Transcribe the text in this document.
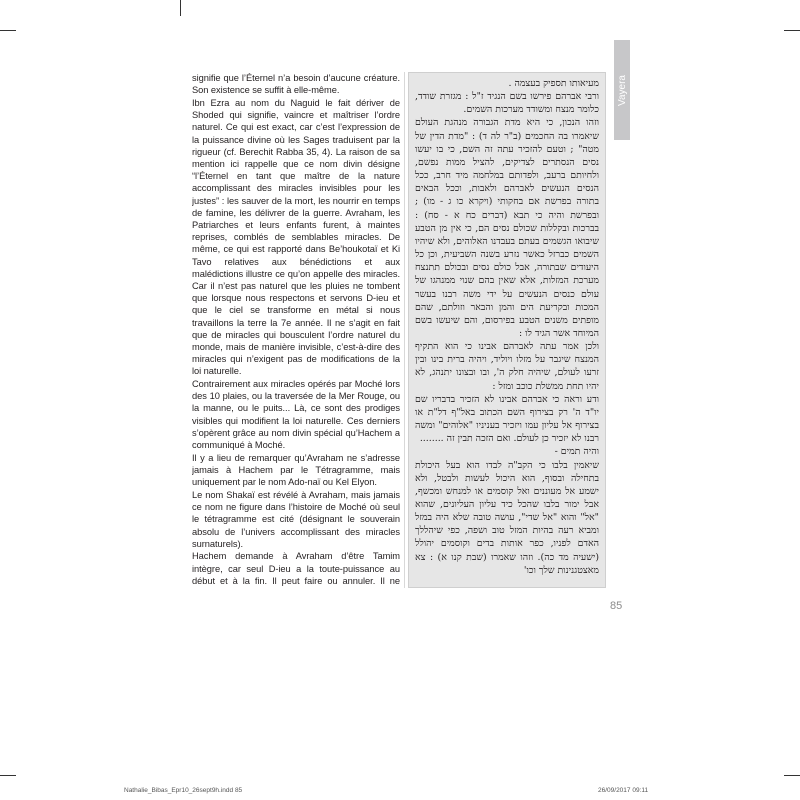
Vayera

signifie que l’Éternel n’a besoin d’aucune créature. Son existence se suffit à elle-même.

Ibn Ezra au nom du Naguid le fait dériver de Shoded qui signifie, vaincre et maîtriser l’ordre naturel. Ce qui est exact, car c’est l’expression de la puissance divine où les Sages traduisent par la rigueur (cf. Berechit Rabba 35, 4). La raison de sa mention ici rappelle que ce nom divin désigne “l’Éternel en tant que maître de la nature accomplissant des miracles invisibles pour les justes” : les sauver de la mort, les nourrir en temps de famine, les délivrer de la guerre. Avraham, les Patriarches et leurs enfants furent, à maintes reprises, comblés de semblables miracles. De même, ce qui est rapporté dans Be’houkotaï et Ki Tavo relatives aux bénédictions et aux malédictions illustre ce qu’on appelle des miracles. Car il n’est pas naturel que les pluies ne tombent que lorsque nous respectons et servons D-ieu et que le ciel se transforme en métal si nous travaillons la terre la 7e année. Il ne s’agit en fait que de miracles qui bousculent l’ordre naturel du monde, mais de manière invisible, c’est-à-dire des miracles qui n’exigent pas de modifications de la loi naturelle.

Contrairement aux miracles opérés par Moché lors des 10 plaies, ou la traversée de la Mer Rouge, ou la manne, ou le puits... Là, ce sont des prodiges visibles qui modifient la loi naturelle. Ces derniers s’opèrent grâce au nom divin spécial qu’Hachem a communiqué à Moché.

Il y a lieu de remarquer qu’Avraham ne s’adresse jamais à Hachem par le Tétragramme, mais uniquement par le nom Ado-naï ou Kel Elyon.

Le nom Shakaï est révélé à Avraham, mais jamais ce nom ne figure dans l’histoire de Moché où seul le tétragramme est cité (désignant le souverain absolu de l’univers accomplissant des miracles surnaturels).

Hachem demande à Avraham d’être Tamim intègre, car seul D-ieu a la toute-puissance au début et à la fin. Il peut faire ou annuler. Il ne

מעיאותו תספיק בעצמה .

ורבי אברהם פירשו בשם הנגיד ז"ל : מגזרת שודד, כלומר מנצח ומשודד מערכות השמים.

וזהו הנכון, כי היא מדת הגבורה מנהגת העולם שיאמרו בה החכמים (ב"ר לה ד) : "מדת הדין של מטה" ; וטעם להזכיר עתה זה השם, כי בו יעשו נסים הנסתרים לצדיקים, להציל ממות נפשם, ולחיותם ברעב, ולפדותם במלחמה מיד חרב, ככל הנסים הנעשים לאברהם ולאבות, וככל הבאים בתורה בפרשת אם בחקותי (ויקרא כו ג - מו) ; ובפרשת והיה כי תבא (דברים כח א - סח) : בברכות ובקללות שכולם נסים הם, כי אין מן הטבע שיבואו הגשמים בעתם בעבדנו האלוהים, ולא שיהיו השמים כברזל כאשר נזרע בשנה השביעית, וכן כל היעודים שבתורה, אבל כולם נסים ובכולם תתנצח מערכת המזלות, אלא שאין בהם שנוי ממנהגו של עולם כנסים הנעשים על ידי משה רבנו בעשר המכות ובקריעת הים והמן והבאר וזולתם, שהם מופתים משנים הטבע בפירסום, והם שיעשו בשם המיוחד אשר הגיד לו :

ולכן אמר עתה לאברהם אבינו כי הוא התקיף המנצח שיגבר על מזלו ויוליד, ויהיה ברית בינו ובין זרעו לעולם, שיהיה חלק ה', ובו ובצונו יתנהג, לא יהיו תחת ממשלת כוכב ומזל :

ודע וראה כי אברהם אבינו לא הזכיר בדבריו שם יו"ד ה' רק בצירוף השם הכתוב באל"ף דל"ת או בצירוף אל עליון עמו ויזכיר בעניניו "אלוהים" ומשה רבנו לא יזכיר כן לעולם. ואם הזכה תבין זה ........

והיה תמים -

שיאמין בלבו כי הקב"ה לבדו הוא בעל היכולת בתחילה ובסוף, הוא היכול לעשות ולבטל, ולא ישמע אל מעוננים ואל קוסמים או למנחש ומכשף, אבל ימור בלבו שהכל כיד עליון העליונים, שהוא "אל" והוא "אל שדי", עושה טובה שלא היה במזל ומביא רעה בהיות המזל טוב ושפה, כפי שיהללך האדם לפניו, כפר אותות בדים וקוסמים יהולל (ישעיה מד כה). וזהו שאמרו (שבת קנו א) : צא מאצטגנינות שלך וכו'

85
Nathalie_Bibas_Epr10_26sept9h.indd 85	26/09/2017 09:11
